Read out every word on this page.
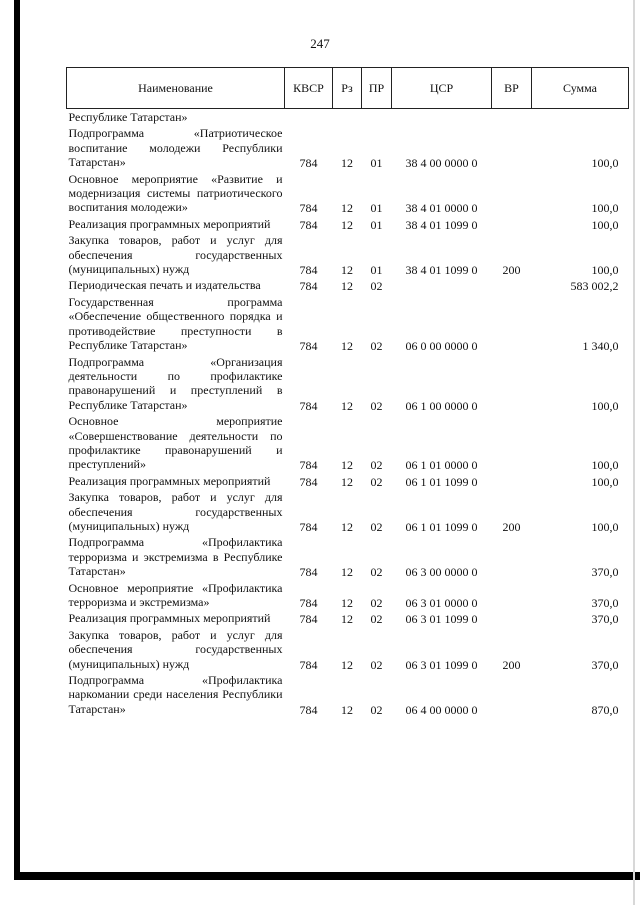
247
Наименование	КВСР	Рз	ПР	ЦСР	ВР	Сумма
Республике Татарстан»						
Подпрограмма «Патриотическое воспитание молодежи Республики Татарстан»	784	12	01	38 4 00 0000 0		100,0
Основное мероприятие «Развитие и модернизация системы патриотического воспитания молодежи»	784	12	01	38 4 01 0000 0		100,0
Реализация программных мероприятий	784	12	01	38 4 01 1099 0		100,0
Закупка товаров, работ и услуг для обеспечения государственных (муниципальных) нужд	784	12	01	38 4 01 1099 0	200	100,0
Периодическая печать и издательства	784	12	02			583 002,2
Государственная программа «Обеспечение общественного порядка и противодействие преступности в Республике Татарстан»	784	12	02	06 0 00 0000 0		1 340,0
Подпрограмма «Организация деятельности по профилактике правонарушений и преступлений в Республике Татарстан»	784	12	02	06 1 00 0000 0		100,0
Основное мероприятие «Совершенствование деятельности по профилактике правонарушений и преступлений»	784	12	02	06 1 01 0000 0		100,0
Реализация программных мероприятий	784	12	02	06 1 01 1099 0		100,0
Закупка товаров, работ и услуг для обеспечения государственных (муниципальных) нужд	784	12	02	06 1 01 1099 0	200	100,0
Подпрограмма «Профилактика терроризма и экстремизма в Республике Татарстан»	784	12	02	06 3 00 0000 0		370,0
Основное мероприятие «Профилактика терроризма и экстремизма»	784	12	02	06 3 01 0000 0		370,0
Реализация программных мероприятий	784	12	02	06 3 01 1099 0		370,0
Закупка товаров, работ и услуг для обеспечения государственных (муниципальных) нужд	784	12	02	06 3 01 1099 0	200	370,0
Подпрограмма «Профилактика наркомании среди населения Республики Татарстан»	784	12	02	06 4 00 0000 0		870,0
